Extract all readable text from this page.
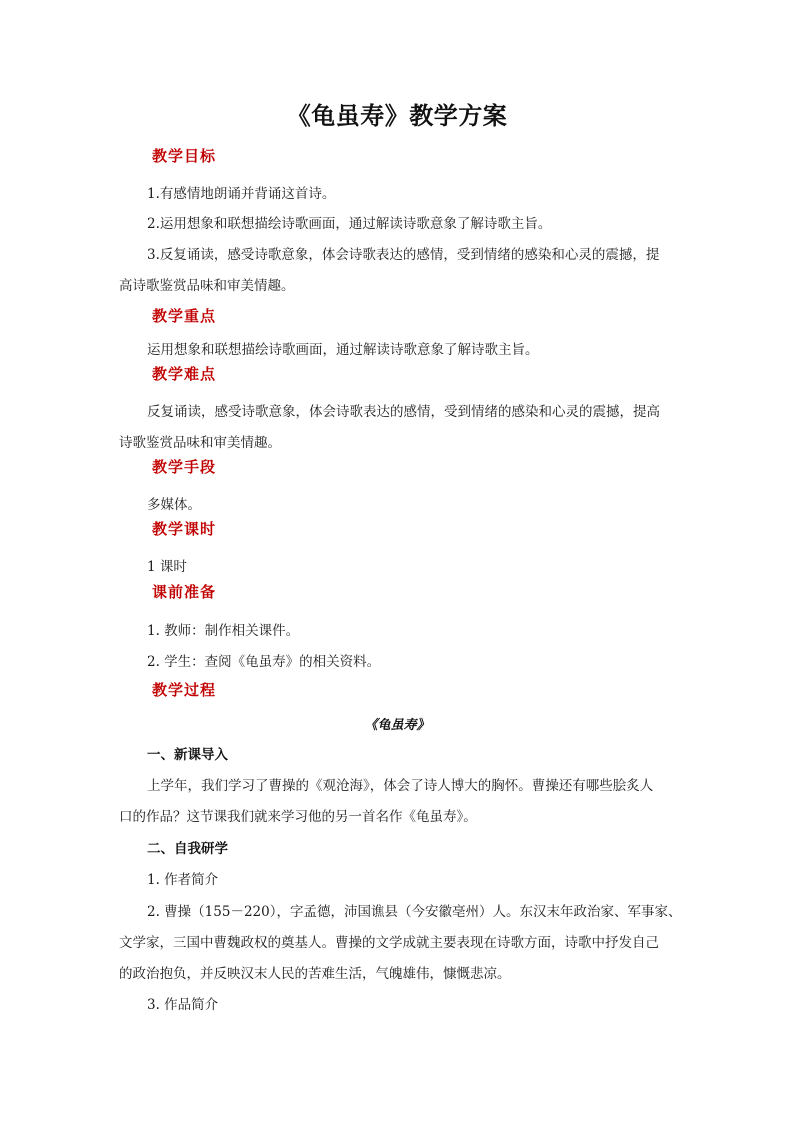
《龟虽寿》教学方案
教学目标
1.有感情地朗诵并背诵这首诗。
2.运用想象和联想描绘诗歌画面，通过解读诗歌意象了解诗歌主旨。
3.反复诵读，感受诗歌意象，体会诗歌表达的感情，受到情绪的感染和心灵的震撼，提
高诗歌鉴赏品味和审美情趣。
教学重点
运用想象和联想描绘诗歌画面，通过解读诗歌意象了解诗歌主旨。
教学难点
反复诵读，感受诗歌意象，体会诗歌表达的感情，受到情绪的感染和心灵的震撼，提高
诗歌鉴赏品味和审美情趣。
教学手段
多媒体。
教学课时
1 课时
课前准备
1. 教师：制作相关课件。
2. 学生：查阅《龟虽寿》的相关资料。
教学过程
《龟虽寿》
一、新课导入
上学年，我们学习了曹操的《观沧海》，体会了诗人博大的胸怀。曹操还有哪些脍炙人
口的作品？这节课我们就来学习他的另一首名作《龟虽寿》。
二、自我研学
1. 作者简介
2. 曹操（155－220），字孟德，沛国谯县（今安徽亳州）人。东汉末年政治家、军事家、
文学家，三国中曹魏政权的奠基人。曹操的文学成就主要表现在诗歌方面，诗歌中抒发自己
的政治抱负，并反映汉末人民的苦难生活，气魄雄伟，慷慨悲凉。
3. 作品简介
